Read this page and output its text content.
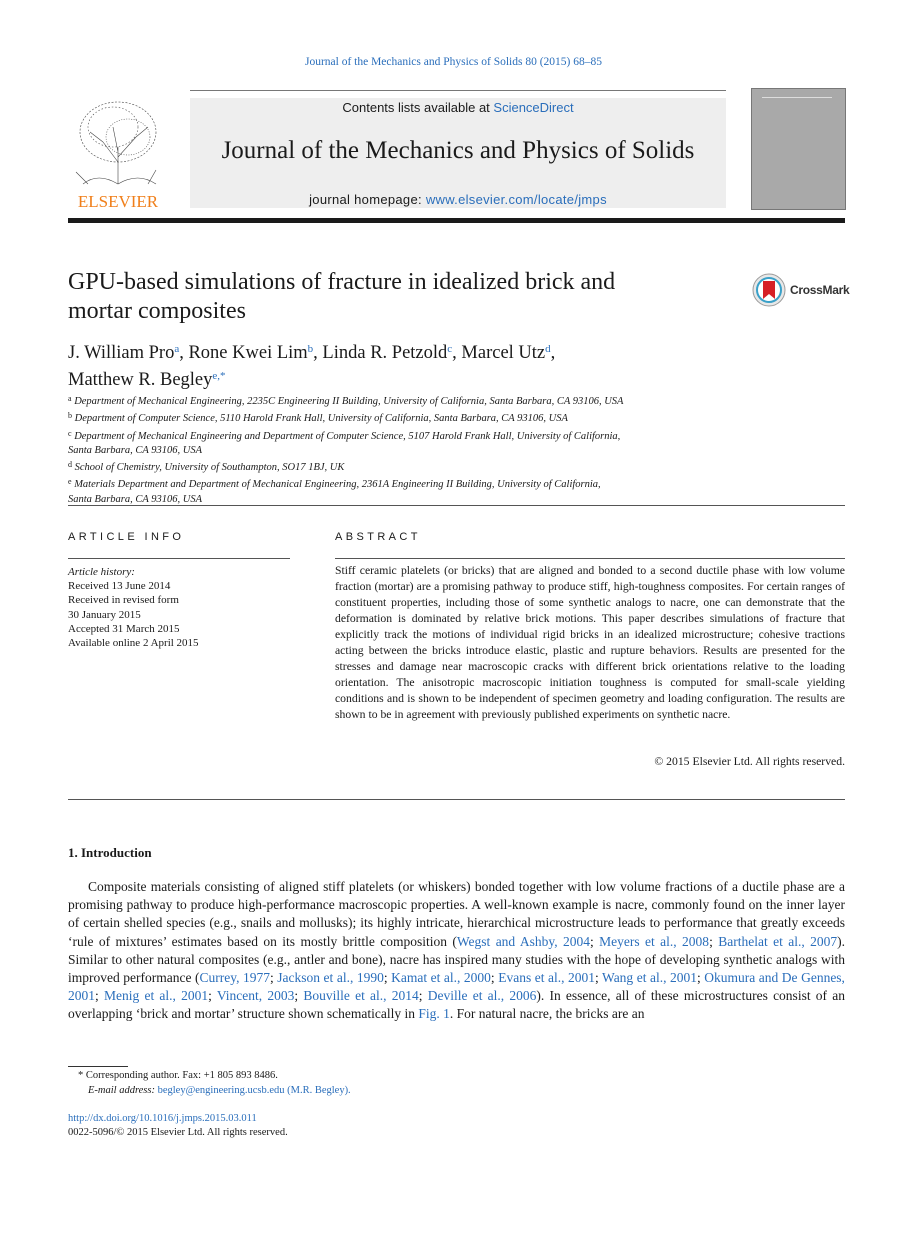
Journal of the Mechanics and Physics of Solids 80 (2015) 68–85
ELSEVIER
Contents lists available at ScienceDirect
Journal of the Mechanics and Physics of Solids
journal homepage: www.elsevier.com/locate/jmps
GPU-based simulations of fracture in idealized brick and
mortar composites
CrossMark
J. William Pro$^a$, Rone Kwei Lim$^b$, Linda R. Petzold$^c$, Marcel Utz$^d$,
Matthew R. Begley$^{e,*}$
$^a$ Department of Mechanical Engineering, 2235C Engineering II Building, University of California, Santa Barbara, CA 93106, USA
$^b$ Department of Computer Science, 5110 Harold Frank Hall, University of California, Santa Barbara, CA 93106, USA
$^c$ Department of Mechanical Engineering and Department of Computer Science, 5107 Harold Frank Hall, University of California,
Santa Barbara, CA 93106, USA
$^d$ School of Chemistry, University of Southampton, SO17 1BJ, UK
$^e$ Materials Department and Department of Mechanical Engineering, 2361A Engineering II Building, University of California,
Santa Barbara, CA 93106, USA
ARTICLE INFO	ABSTRACT
Article history:
Received 13 June 2014
Received in revised form
30 January 2015
Accepted 31 March 2015
Available online 2 April 2015
Stiff ceramic platelets (or bricks) that are aligned and bonded to a second ductile phase with low volume fraction (mortar) are a promising pathway to produce stiff, high-toughness composites. For certain ranges of constituent properties, including those of some synthetic analogs to nacre, one can demonstrate that the deformation is dominated by relative brick motions. This paper describes simulations of fracture that explicitly track the motions of individual rigid bricks in an idealized microstructure; cohesive tractions acting between the bricks introduce elastic, plastic and rupture behaviors. Results are presented for the stresses and damage near macroscopic cracks with different brick orientations relative to the loading orientation. The anisotropic macroscopic initiation toughness is computed for small-scale yielding conditions and is shown to be independent of specimen geometry and loading configuration. The results are shown to be in agreement with previously published experiments on synthetic nacre.
© 2015 Elsevier Ltd. All rights reserved.
1. Introduction
Composite materials consisting of aligned stiff platelets (or whiskers) bonded together with low volume fractions of a ductile phase are a promising pathway to produce high-performance macroscopic properties. A well-known example is nacre, commonly found on the inner layer of certain shelled species (e.g., snails and mollusks); its highly intricate, hierarchical microstructure leads to performance that greatly exceeds ‘rule of mixtures’ estimates based on its mostly brittle composition (Wegst and Ashby, 2004; Meyers et al., 2008; Barthelat et al., 2007). Similar to other natural composites (e.g., antler and bone), nacre has inspired many studies with the hope of developing synthetic analogs with improved performance (Currey, 1977; Jackson et al., 1990; Kamat et al., 2000; Evans et al., 2001; Wang et al., 2001; Okumura and De Gennes, 2001; Menig et al., 2001; Vincent, 2003; Bouville et al., 2014; Deville et al., 2006). In essence, all of these microstructures consist of an overlapping ‘brick and mortar’ structure shown schematically in Fig. 1. For natural nacre, the bricks are an
* Corresponding author. Fax: +1 805 893 8486.
E-mail address: begley@engineering.ucsb.edu (M.R. Begley).
http://dx.doi.org/10.1016/j.jmps.2015.03.011
0022-5096/© 2015 Elsevier Ltd. All rights reserved.
